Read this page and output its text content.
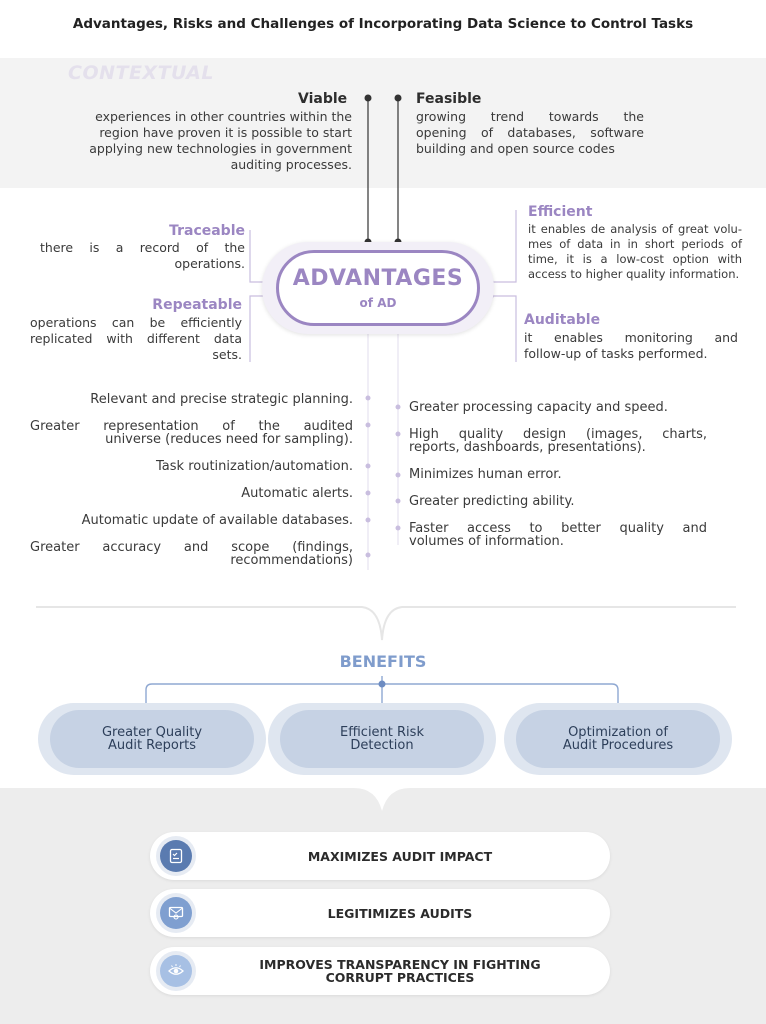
Advantages, Risks and Challenges of Incorporating Data Science to Control Tasks
CONTEXTUAL
Viable
experiences in other countries within the
region have proven it is possible to start
applying new technologies in government
auditing processes.
Feasible
growing trend towards the
opening of databases, software
building and open source codes
Traceable
there is a record of the
operations.
Repeatable
operations can be efficiently
replicated with different data
sets.
Efficient
it enables de analysis of great volu-
mes of data in in short periods of
time, it is a low-cost option with
access to higher quality information.
Auditable
it enables monitoring and
follow-up of tasks performed.
ADVANTAGES
of AD
Relevant and precise strategic planning.
Greater representation of the audited
universe (reduces need for sampling).
Task routinization/automation.
Automatic alerts.
Automatic update of available databases.
Greater accuracy and scope (findings,
recommendations)
Greater processing capacity and speed.
High quality design (images, charts,
reports, dashboards, presentations).
Minimizes human error.
Greater predicting ability.
Faster access to better quality and
volumes of information.
BENEFITS
Greater Quality
Audit Reports
Efficient Risk
Detection
Optimization of
Audit Procedures
MAXIMIZES AUDIT IMPACT
LEGITIMIZES AUDITS
IMPROVES TRANSPARENCY IN FIGHTING
CORRUPT PRACTICES
